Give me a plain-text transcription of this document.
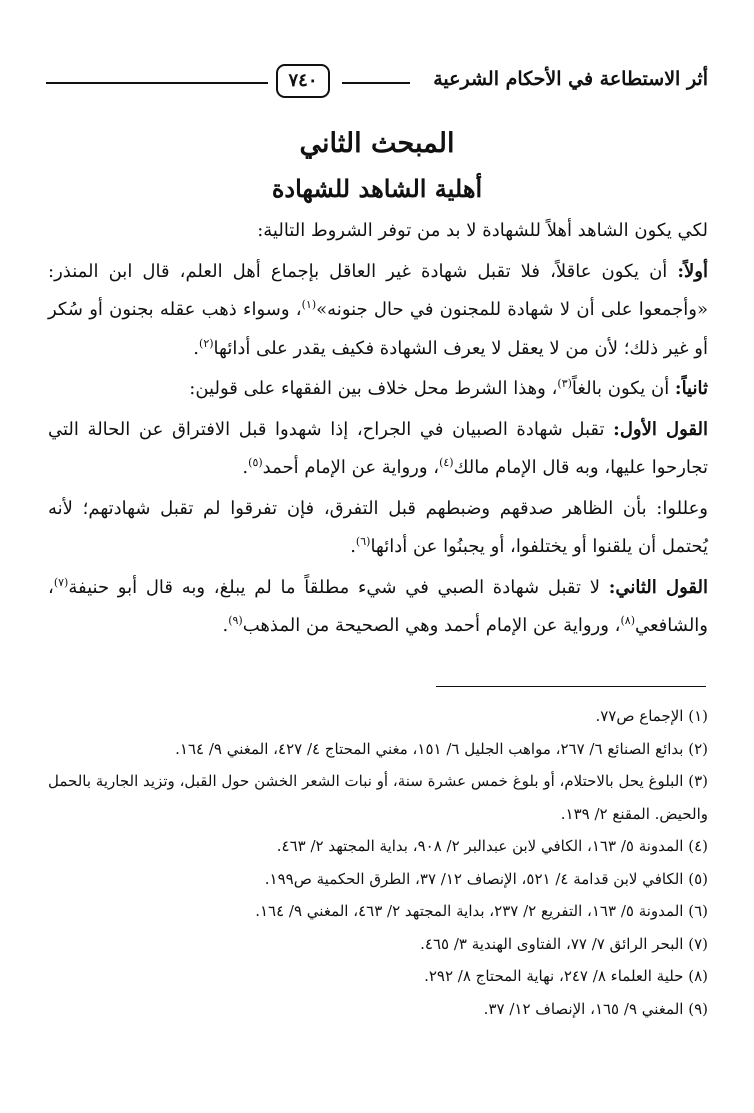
أثر الاستطاعة في الأحكام الشرعية
٧٤٠
المبحث الثاني
أهلية الشاهد للشهادة

لكي يكون الشاهد أهلاً للشهادة لا بد من توفر الشروط التالية:

أولاً: أن يكون عاقلاً، فلا تقبل شهادة غير العاقل بإجماع أهل العلم، قال ابن المنذر: «وأجمعوا على أن لا شهادة للمجنون في حال جنونه»$^{(١)}$، وسواء ذهب عقله بجنون أو سُكر أو غير ذلك؛ لأن من لا يعقل لا يعرف الشهادة فكيف يقدر على أدائها$^{(٢)}$.

ثانياً: أن يكون بالغاً$^{(٣)}$، وهذا الشرط محل خلاف بين الفقهاء على قولين:

القول الأول: تقبل شهادة الصبيان في الجراح، إذا شهدوا قبل الافتراق عن الحالة التي تجارحوا عليها، وبه قال الإمام مالك$^{(٤)}$، ورواية عن الإمام أحمد$^{(٥)}$.

وعللوا: بأن الظاهر صدقهم وضبطهم قبل التفرق، فإن تفرقوا لم تقبل شهادتهم؛ لأنه يُحتمل أن يلقنوا أو يختلفوا، أو يجبنُوا عن أدائها$^{(٦)}$.

القول الثاني: لا تقبل شهادة الصبي في شيء مطلقاً ما لم يبلغ، وبه قال أبو حنيفة$^{(٧)}$، والشافعي$^{(٨)}$، ورواية عن الإمام أحمد وهي الصحيحة من المذهب$^{(٩)}$.

(١) الإجماع ص٧٧.

(٢) بدائع الصنائع ٦/ ٢٦٧، مواهب الجليل ٦/ ١٥١، مغني المحتاج ٤/ ٤٢٧، المغني ٩/ ١٦٤.

(٣) البلوغ يحل بالاحتلام، أو بلوغ خمس عشرة سنة، أو نبات الشعر الخشن حول القبل، وتزيد الجارية بالحمل والحيض. المقنع ٢/ ١٣٩.

(٤) المدونة ٥/ ١٦٣، الكافي لابن عبدالبر ٢/ ٩٠٨، بداية المجتهد ٢/ ٤٦٣.

(٥) الكافي لابن قدامة ٤/ ٥٢١، الإنصاف ١٢/ ٣٧، الطرق الحكمية ص١٩٩.

(٦) المدونة ٥/ ١٦٣، التفريع ٢/ ٢٣٧، بداية المجتهد ٢/ ٤٦٣، المغني ٩/ ١٦٤.

(٧) البحر الرائق ٧/ ٧٧، الفتاوى الهندية ٣/ ٤٦٥.

(٨) حلية العلماء ٨/ ٢٤٧، نهاية المحتاج ٨/ ٢٩٢.

(٩) المغني ٩/ ١٦٥، الإنصاف ١٢/ ٣٧.
